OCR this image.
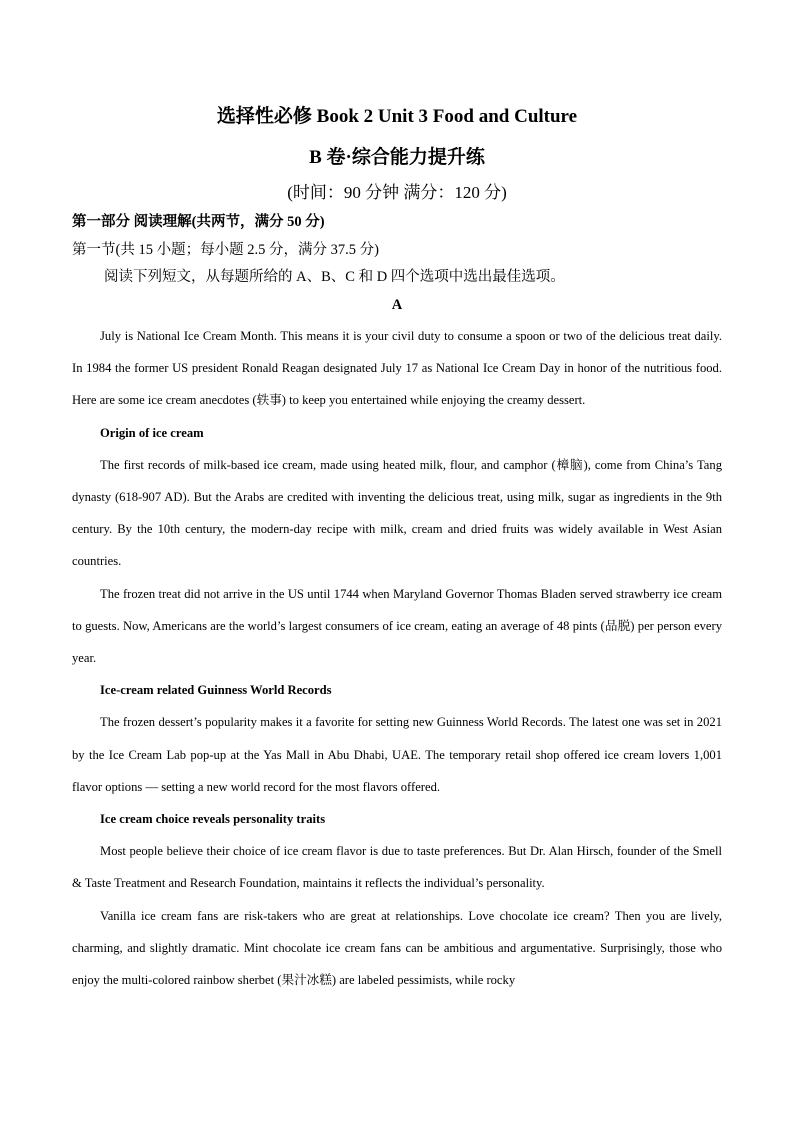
选择性必修 Book 2 Unit 3 Food and Culture
B 卷·综合能力提升练
(时间：90 分钟 满分：120 分)
第一部分 阅读理解(共两节，满分 50 分)
第一节(共 15 小题；每小题 2.5 分，满分 37.5 分)
阅读下列短文，从每题所给的 A、B、C 和 D 四个选项中选出最佳选项。
A

July is National Ice Cream Month. This means it is your civil duty to consume a spoon or two of the delicious treat daily. In 1984 the former US president Ronald Reagan designated July 17 as National Ice Cream Day in honor of the nutritious food. Here are some ice cream anecdotes (轶事) to keep you entertained while enjoying the creamy dessert.

Origin of ice cream

The first records of milk-based ice cream, made using heated milk, flour, and camphor (樟脑), come from China’s Tang dynasty (618-907 AD). But the Arabs are credited with inventing the delicious treat, using milk, sugar as ingredients in the 9th century. By the 10th century, the modern-day recipe with milk, cream and dried fruits was widely available in West Asian countries.

The frozen treat did not arrive in the US until 1744 when Maryland Governor Thomas Bladen served strawberry ice cream to guests. Now, Americans are the world’s largest consumers of ice cream, eating an average of 48 pints (品脱) per person every year.

Ice-cream related Guinness World Records

The frozen dessert’s popularity makes it a favorite for setting new Guinness World Records. The latest one was set in 2021 by the Ice Cream Lab pop-up at the Yas Mall in Abu Dhabi, UAE. The temporary retail shop offered ice cream lovers 1,001 flavor options — setting a new world record for the most flavors offered.

Ice cream choice reveals personality traits

Most people believe their choice of ice cream flavor is due to taste preferences. But Dr. Alan Hirsch, founder of the Smell & Taste Treatment and Research Foundation, maintains it reflects the individual’s personality.

Vanilla ice cream fans are risk-takers who are great at relationships. Love chocolate ice cream? Then you are lively, charming, and slightly dramatic. Mint chocolate ice cream fans can be ambitious and argumentative. Surprisingly, those who enjoy the multi-colored rainbow sherbet (果汁冰糕) are labeled pessimists, while rocky
